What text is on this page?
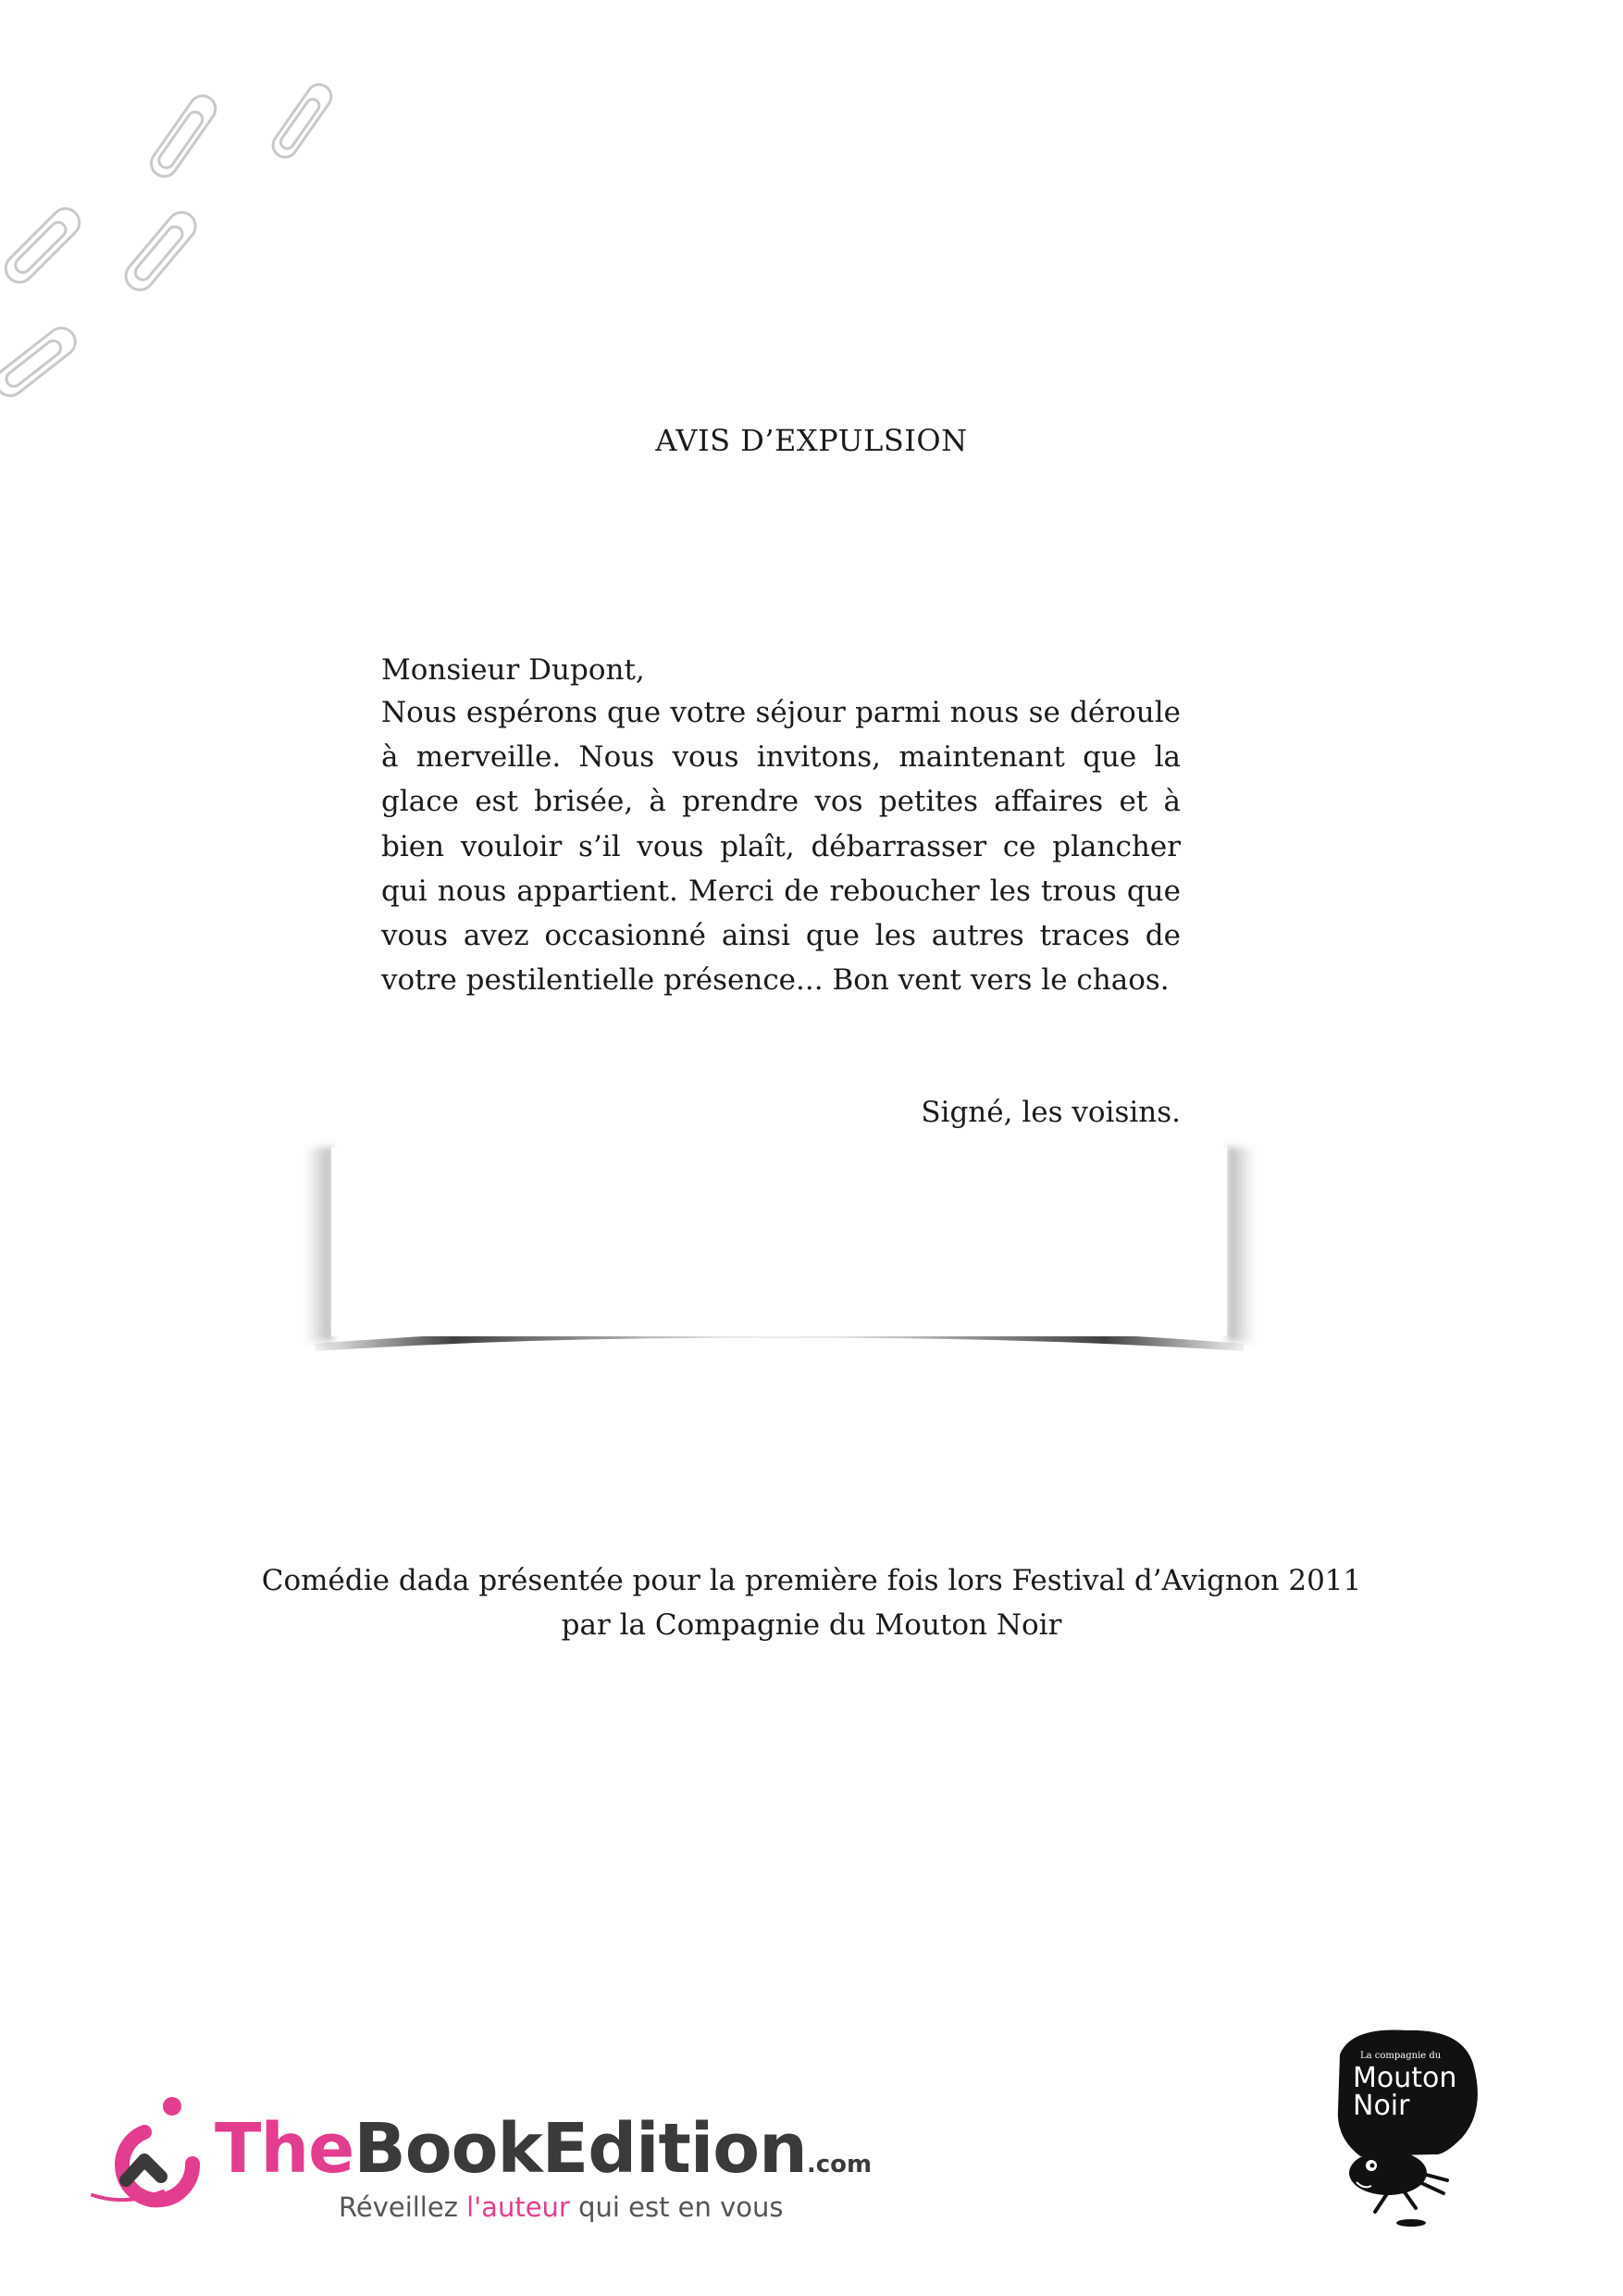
AVIS D’EXPULSION
Monsieur Dupont,
Nous espérons que votre séjour parmi nous se déroule à merveille. Nous vous invitons, maintenant que la glace est brisée, à prendre vos petites affaires et à bien vouloir s’il vous plaît, débarrasser ce plancher qui nous appartient. Merci de reboucher les trous que vous avez occasionné ainsi que les autres traces de votre pestilentielle présence... Bon vent vers le chaos.
Signé, les voisins.
Comédie dada présentée pour la première fois lors Festival d’Avignon 2011
par la Compagnie du Mouton Noir
TheBookEdition.com
Réveillez l'auteur qui est en vous
La compagnie du
Mouton
Noir
